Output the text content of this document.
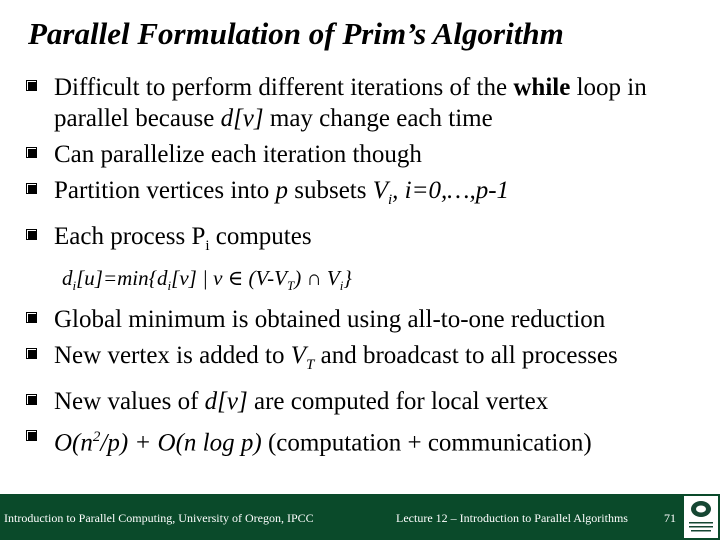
Parallel Formulation of Prim’s Algorithm
Difficult to perform different iterations of the while loop in parallel because d[v] may change each time
Can parallelize each iteration though
Partition vertices into p subsets $V_i$, i=0,…,p-1
Each process $P_i$ computes
$d_i[u]=\min\{d_i[v]$ | v ∈ $(V-V_T)$ ∩ $V_i$}
Global minimum is obtained using all-to-one reduction
New vertex is added to $V_T$ and broadcast to all processes
New values of d[v] are computed for local vertex
$O(n^2/p) + O(n$ log p) (computation + communication)
Introduction to Parallel Computing, University of Oregon, IPCC	Lecture 12 – Introduction to Parallel Algorithms	71
